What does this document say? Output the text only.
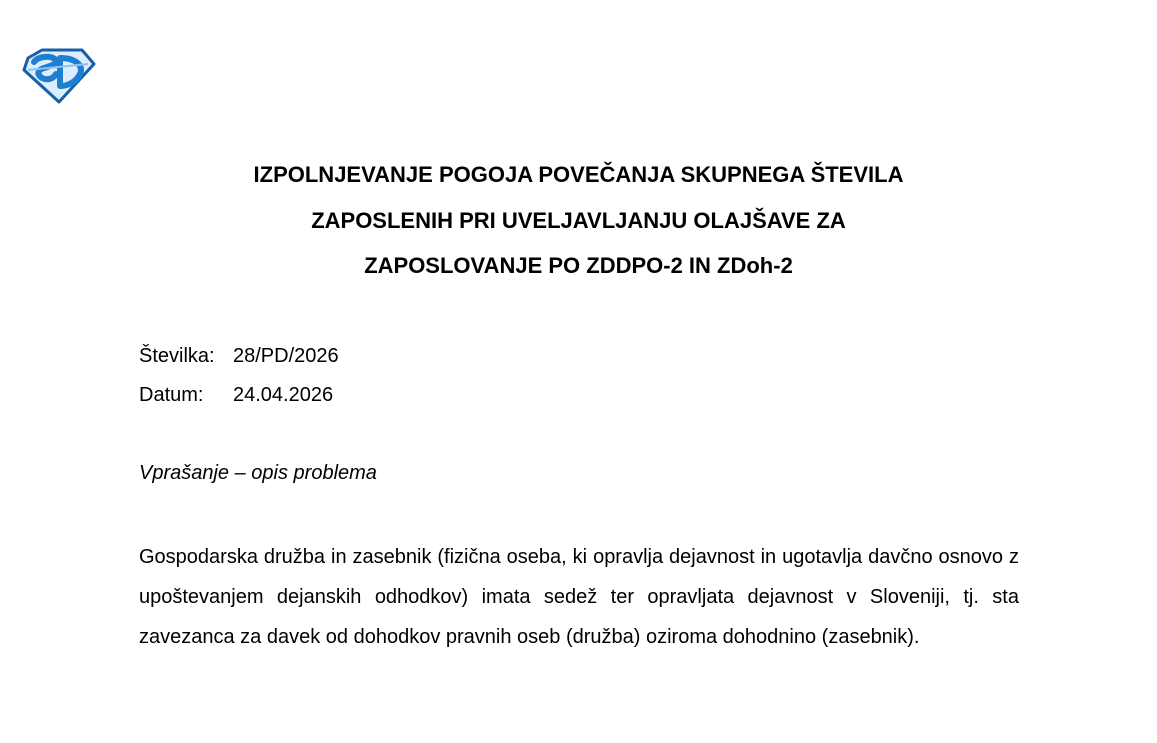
IZPOLNJEVANJE POGOJA POVEČANJA SKUPNEGA ŠTEVILA
ZAPOSLENIH PRI UVELJAVLJANJU OLAJŠAVE ZA
ZAPOSLOVANJE PO ZDDPO-2 IN ZDoh-2
Številka: 28/PD/2026
Datum:	24.04.2026
Vprašanje – opis problema

Gospodarska družba in zasebnik (fizična oseba, ki opravlja dejavnost in ugotavlja davčno osnovo z upoštevanjem dejanskih odhodkov) imata sedež ter opravljata dejavnost v Sloveniji, tj. sta zavezanca za davek od dohodkov pravnih oseb (družba) oziroma dohodnino (zasebnik).
